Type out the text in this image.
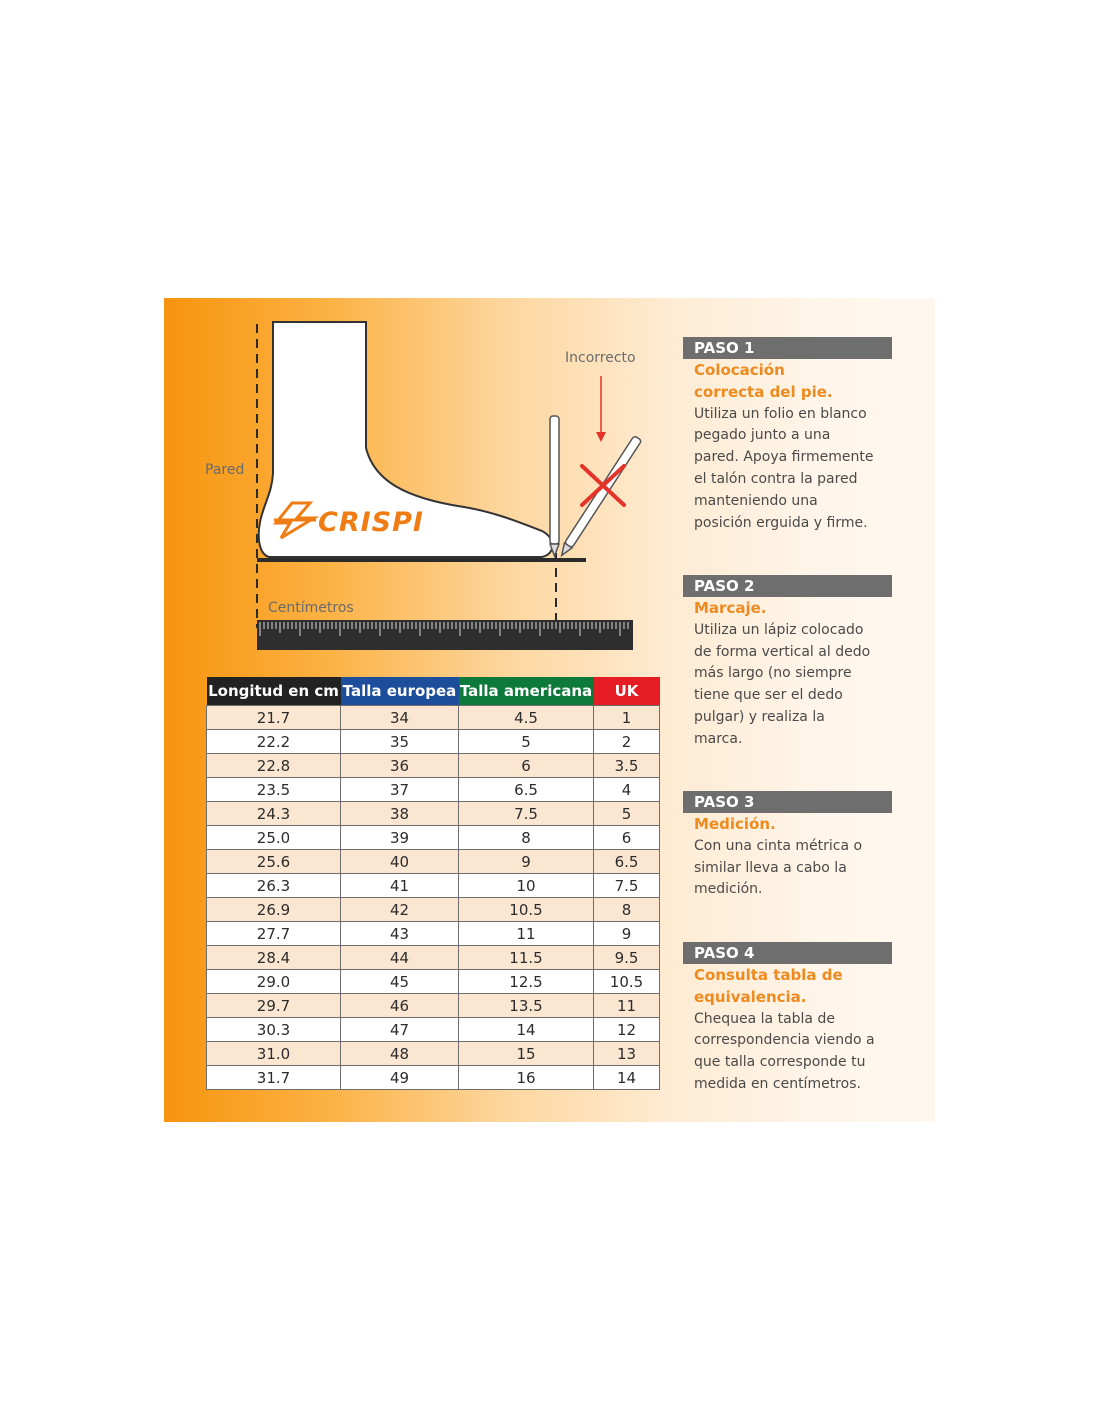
Pared
Incorrecto
Centímetros
CRISPI
Longitud en cm	Talla europea	Talla americana	UK
21.7	34	4.5	1
22.2	35	5	2
22.8	36	6	3.5
23.5	37	6.5	4
24.3	38	7.5	5
25.0	39	8	6
25.6	40	9	6.5
26.3	41	10	7.5
26.9	42	10.5	8
27.7	43	11	9
28.4	44	11.5	9.5
29.0	45	12.5	10.5
29.7	46	13.5	11
30.3	47	14	12
31.0	48	15	13
31.7	49	16	14
PASO 1
Colocación
correcta del pie.
Utiliza un folio en blanco
pegado junto a una
pared. Apoya firmemente
el talón contra la pared
manteniendo una
posición erguida y firme.
PASO 2
Marcaje.
Utiliza un lápiz colocado
de forma vertical al dedo
más largo (no siempre
tiene que ser el dedo
pulgar) y realiza la
marca.
PASO 3
Medición.
Con una cinta métrica o
similar lleva a cabo la
medición.
PASO 4
Consulta tabla de
equivalencia.
Chequea la tabla de
correspondencia viendo a
que talla corresponde tu
medida en centímetros.
